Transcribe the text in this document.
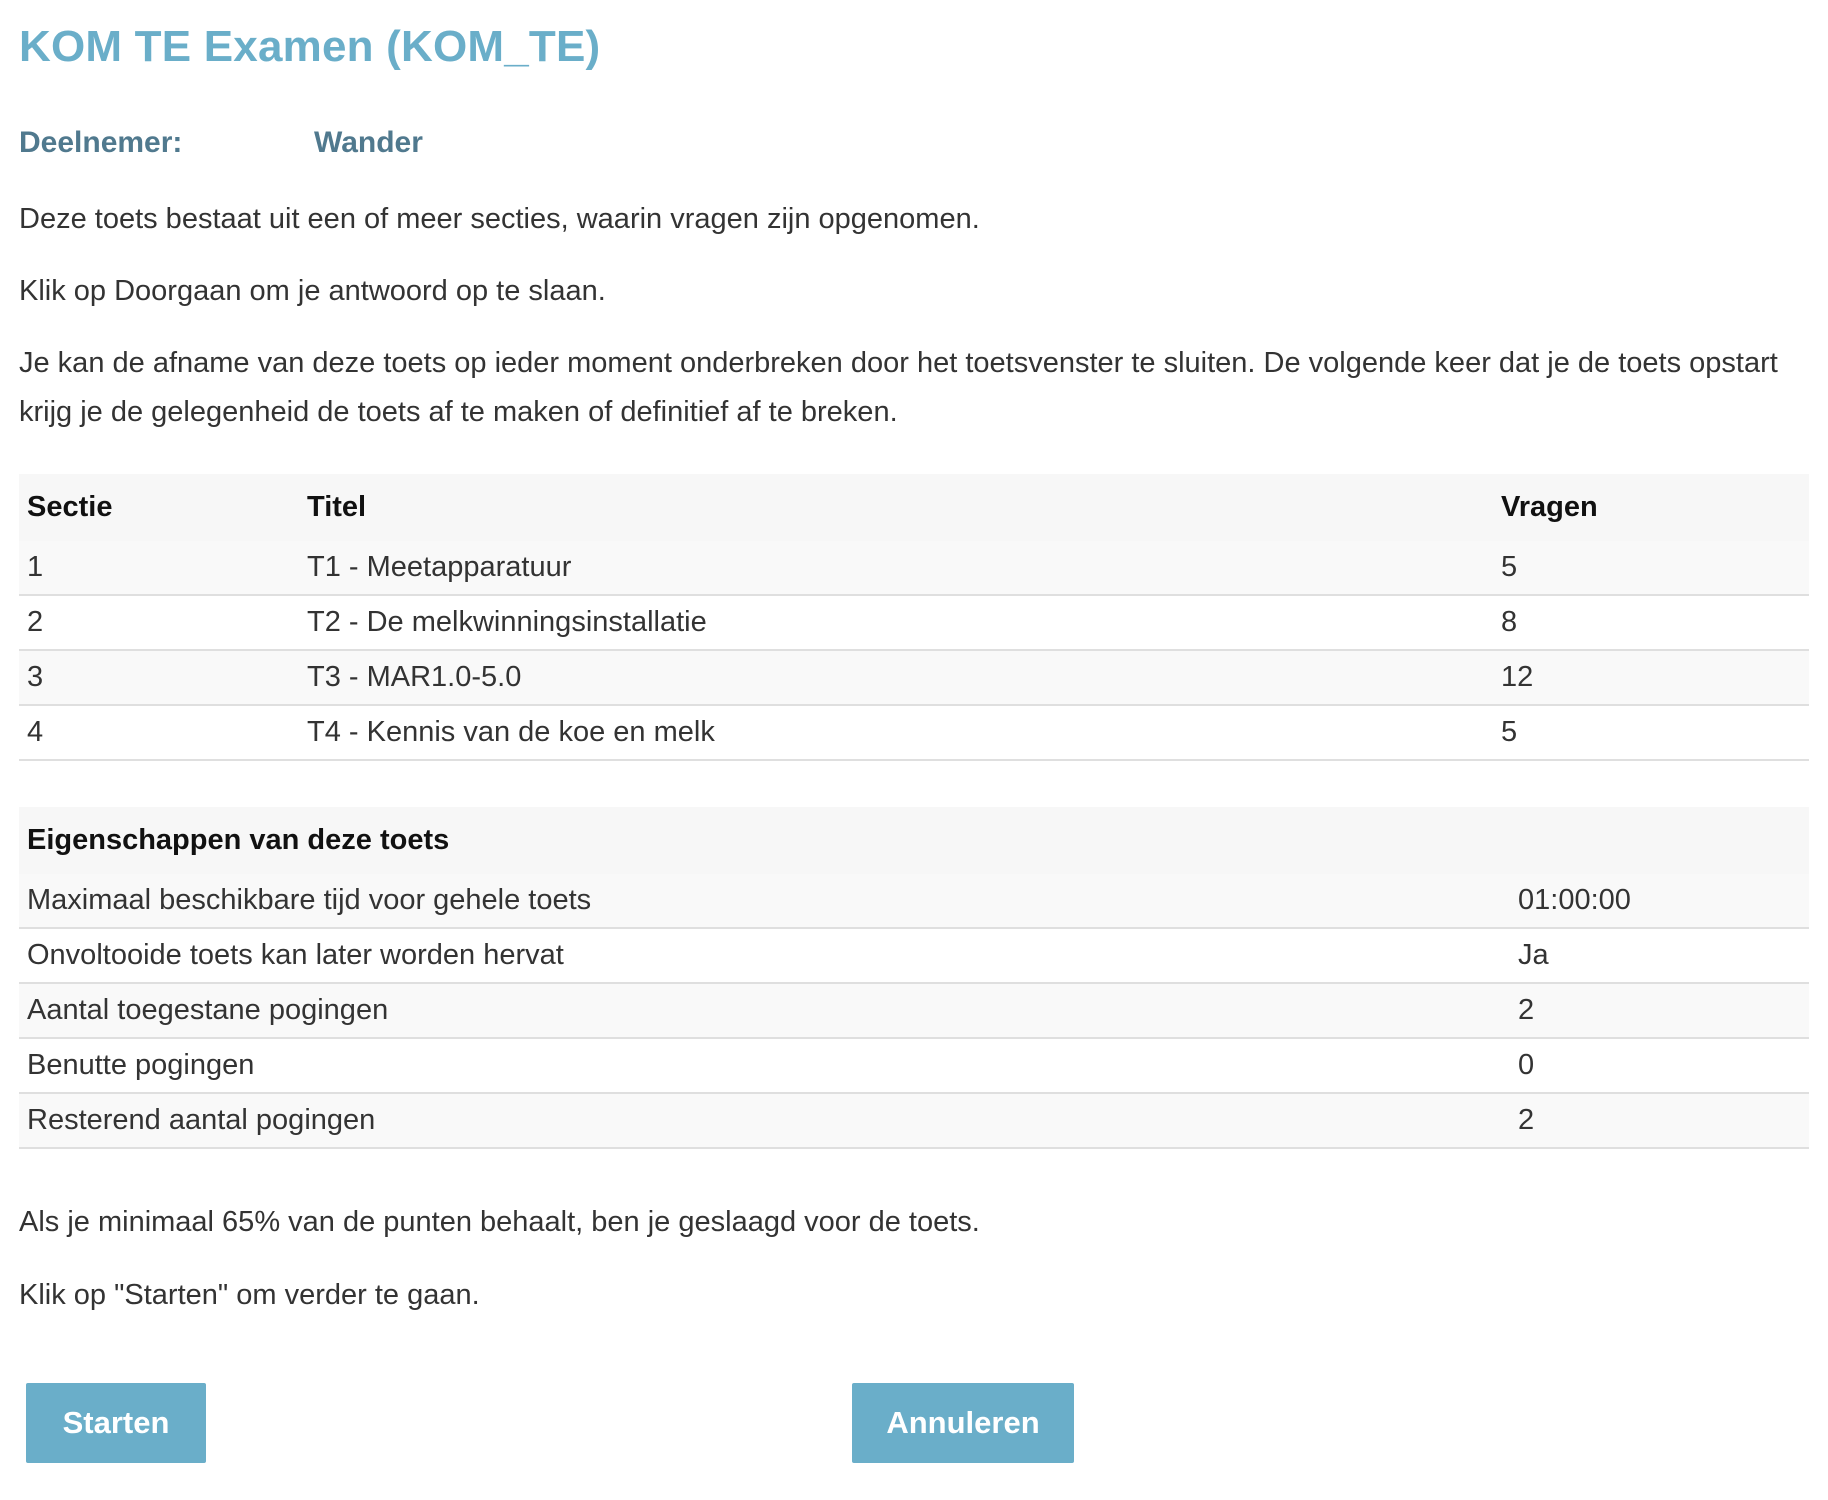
KOM TE Examen (KOM_TE)
Deelnemer:	Wander

Deze toets bestaat uit een of meer secties, waarin vragen zijn opgenomen.

Klik op Doorgaan om je antwoord op te slaan.

Je kan de afname van deze toets op ieder moment onderbreken door het toetsvenster te sluiten. De volgende keer dat je de toets opstart krijg je de gelegenheid de toets af te maken of definitief af te breken.

Sectie	Titel	Vragen
1	T1 - Meetapparatuur	5
2	T2 - De melkwinningsinstallatie	8
3	T3 - MAR1.0-5.0	12
4	T4 - Kennis van de koe en melk	5
Eigenschappen van deze toets	
Maximaal beschikbare tijd voor gehele toets	01:00:00
Onvoltooide toets kan later worden hervat	Ja
Aantal toegestane pogingen	2
Benutte pogingen	0
Resterend aantal pogingen	2

Als je minimaal 65% van de punten behaalt, ben je geslaagd voor de toets.

Klik op "Starten" om verder te gaan.

Starten	Annuleren
